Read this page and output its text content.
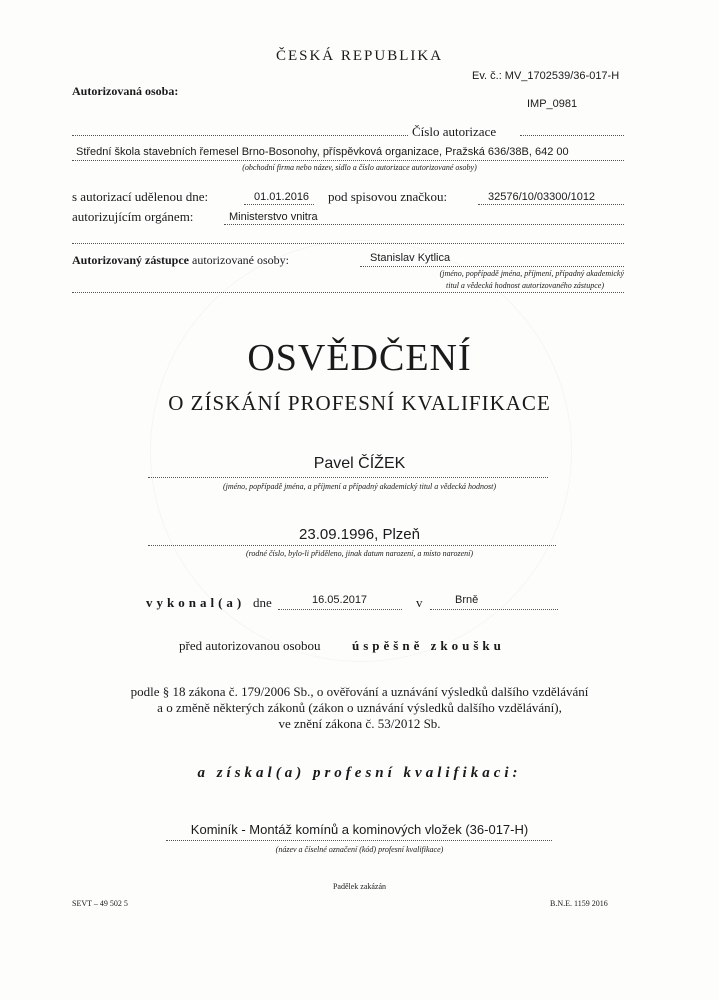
ČESKÁ REPUBLIKA
Ev. č.: MV_1702539/36-017-H
Autorizovaná osoba:
IMP_0981
Číslo autorizace
Střední škola stavebních řemesel Brno-Bosonohy, příspěvková organizace, Pražská 636/38B, 642 00
(obchodní firma nebo název, sídlo a číslo autorizace autorizované osoby)
s autorizací udělenou dne:	01.01.2016 pod spisovou značkou:	32576/10/03300/1012
autorizujícím orgánem:	Ministerstvo vnitra
Autorizovaný zástupce autorizované osoby:	Stanislav Kytlica
(jméno, popřípadě jména, příjmení, případný akademický
titul a vědecká hodnost autorizovaného zástupce)
OSVĚDČENÍ
O ZÍSKÁNÍ PROFESNÍ KVALIFIKACE
Pavel ČÍŽEK
(jméno, popřípadě jména, a příjmení a případný akademický titul a vědecká hodnost)
23.09.1996, Plzeň
(rodné číslo, bylo-li přiděleno, jinak datum narození, a místo narození)
vykonal(a) dne	16.05.2017	v	Brně
před autorizovanou osobou úspěšně zkoušku
podle § 18 zákona č. 179/2006 Sb., o ověřování a uznávání výsledků dalšího vzdělávání
a o změně některých zákonů (zákon o uznávání výsledků dalšího vzdělávání),
ve znění zákona č. 53/2012 Sb.
a získal(a) profesní kvalifikaci:
Kominík - Montáž komínů a kominových vložek (36-017-H)
(název a číselné označení (kód) profesní kvalifikace)
Padělek zakázán
SEVT – 49 502 5	B.N.E. 1159 2016
